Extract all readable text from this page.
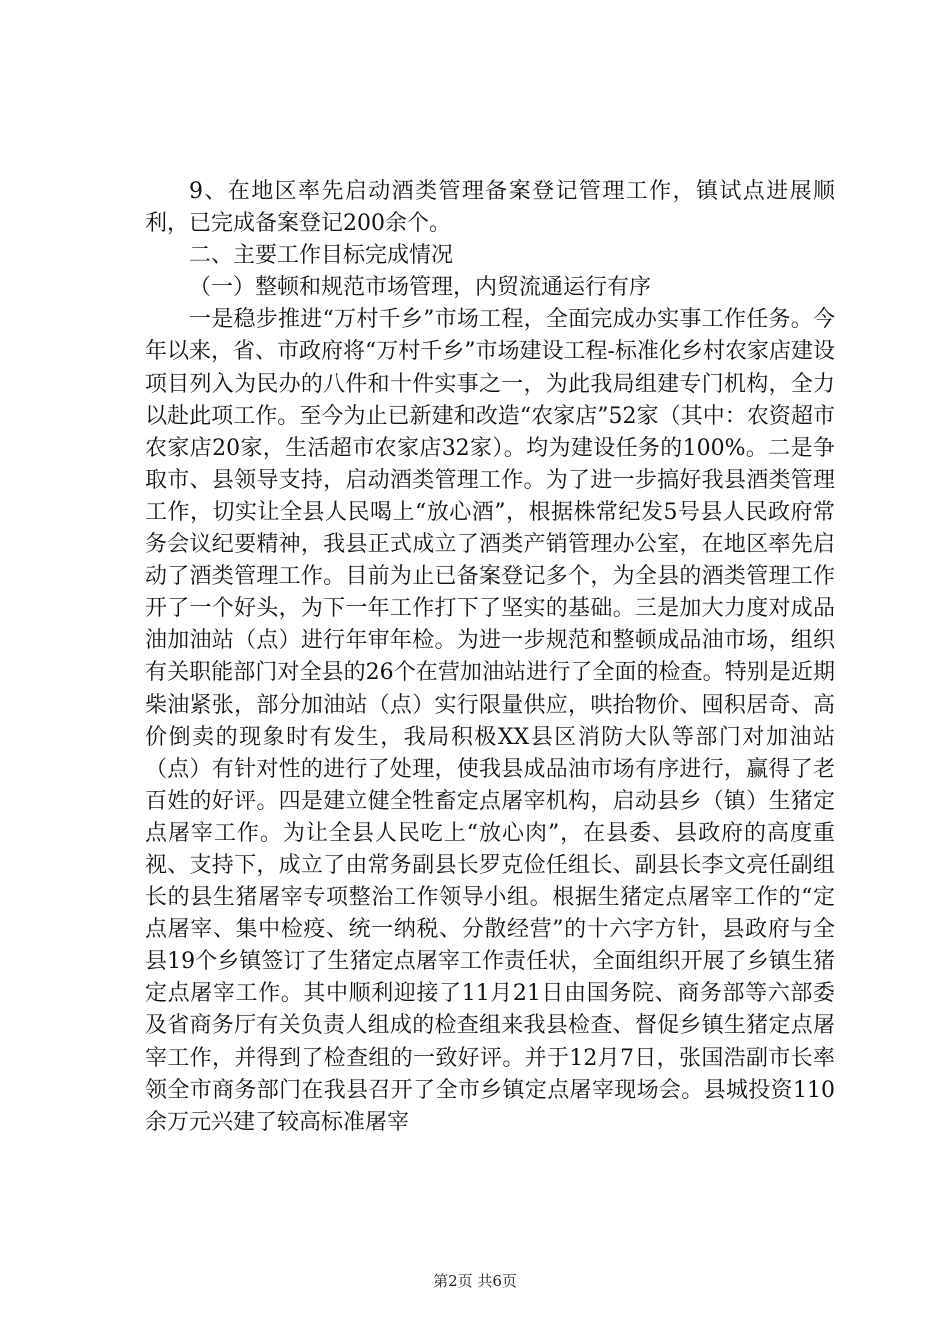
9、在地区率先启动酒类管理备案登记管理工作，镇试点进展顺利，已完成备案登记200余个。

二、主要工作目标完成情况

（一）整顿和规范市场管理，内贸流通运行有序

一是稳步推进“万村千乡”市场工程，全面完成办实事工作任务。今年以来，省、市政府将“万村千乡”市场建设工程-标准化乡村农家店建设项目列入为民办的八件和十件实事之一，为此我局组建专门机构，全力以赴此项工作。至今为止已新建和改造“农家店”52家（其中：农资超市农家店20家，生活超市农家店32家）。均为建设任务的100%。二是争取市、县领导支持，启动酒类管理工作。为了进一步搞好我县酒类管理工作，切实让全县人民喝上“放心酒”，根据株常纪发5号县人民政府常务会议纪要精神，我县正式成立了酒类产销管理办公室，在地区率先启动了酒类管理工作。目前为止已备案登记多个，为全县的酒类管理工作开了一个好头，为下一年工作打下了坚实的基础。三是加大力度对成品油加油站（点）进行年审年检。为进一步规范和整顿成品油市场，组织有关职能部门对全县的26个在营加油站进行了全面的检查。特别是近期柴油紧张，部分加油站（点）实行限量供应，哄抬物价、囤积居奇、高价倒卖的现象时有发生，我局积极XX县区消防大队等部门对加油站（点）有针对性的进行了处理，使我县成品油市场有序进行，赢得了老百姓的好评。四是建立健全牲畜定点屠宰机构，启动县乡（镇）生猪定点屠宰工作。为让全县人民吃上“放心肉”，在县委、县政府的高度重视、支持下，成立了由常务副县长罗克俭任组长、副县长李文亮任副组长的县生猪屠宰专项整治工作领导小组。根据生猪定点屠宰工作的“定点屠宰、集中检疫、统一纳税、分散经营”的十六字方针，县政府与全县19个乡镇签订了生猪定点屠宰工作责任状，全面组织开展了乡镇生猪定点屠宰工作。其中顺利迎接了11月21日由国务院、商务部等六部委及省商务厅有关负责人组成的检查组来我县检查、督促乡镇生猪定点屠宰工作，并得到了检查组的一致好评。并于12月7日，张国浩副市长率领全市商务部门在我县召开了全市乡镇定点屠宰现场会。县城投资110余万元兴建了较高标准屠宰

第2页 共6页
